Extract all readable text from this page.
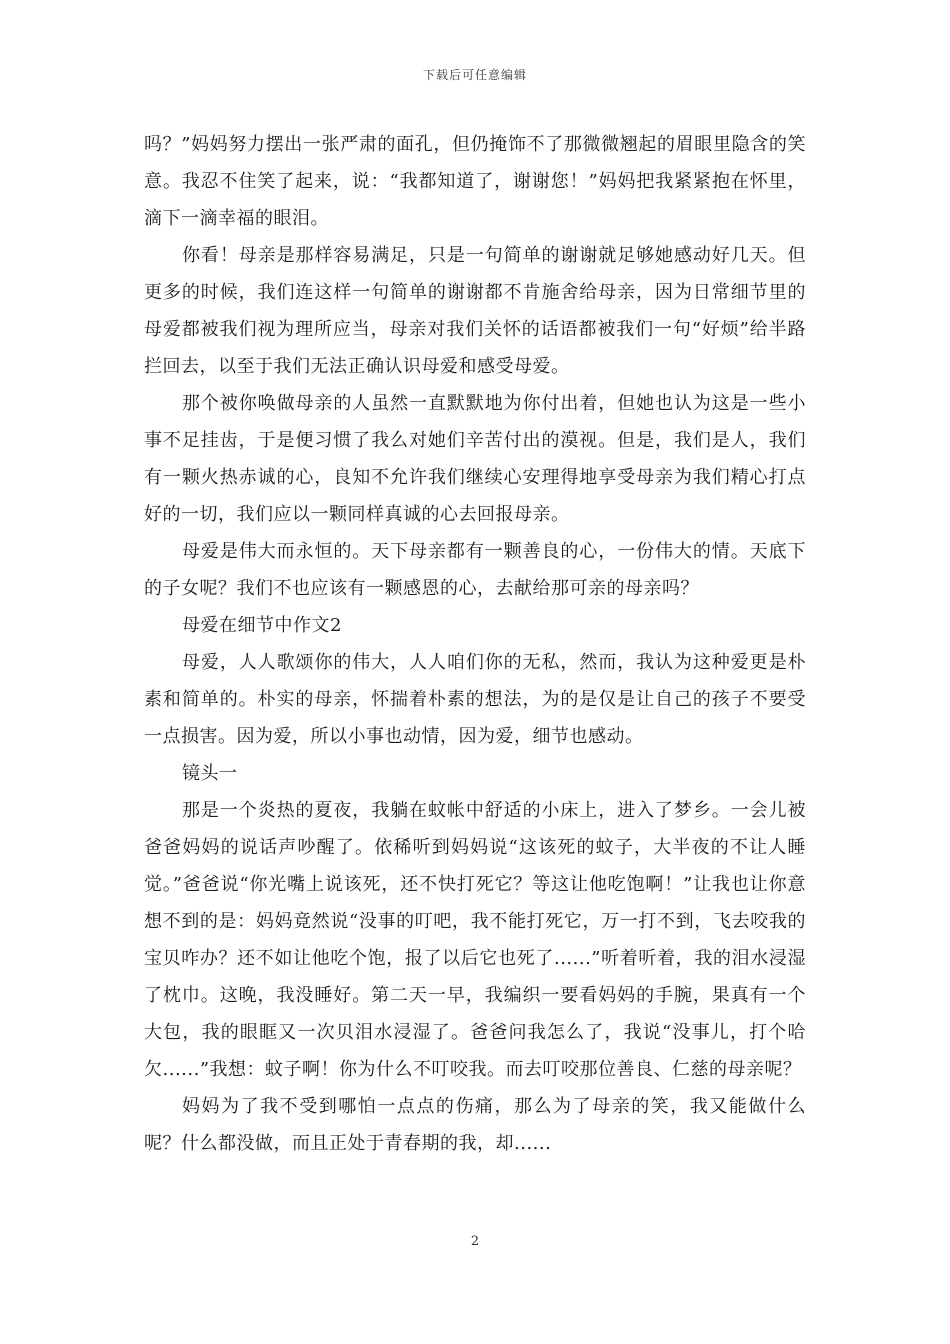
下载后可任意编辑

吗？”妈妈努力摆出一张严肃的面孔，但仍掩饰不了那微微翘起的眉眼里隐含的笑意。我忍不住笑了起来，说：“我都知道了，谢谢您！”妈妈把我紧紧抱在怀里，滴下一滴幸福的眼泪。

你看！母亲是那样容易满足，只是一句简单的谢谢就足够她感动好几天。但更多的时候，我们连这样一句简单的谢谢都不肯施舍给母亲，因为日常细节里的母爱都被我们视为理所应当，母亲对我们关怀的话语都被我们一句“好烦”给半路拦回去，以至于我们无法正确认识母爱和感受母爱。

那个被你唤做母亲的人虽然一直默默地为你付出着，但她也认为这是一些小事不足挂齿，于是便习惯了我么对她们辛苦付出的漠视。但是，我们是人，我们有一颗火热赤诚的心，良知不允许我们继续心安理得地享受母亲为我们精心打点好的一切，我们应以一颗同样真诚的心去回报母亲。

母爱是伟大而永恒的。天下母亲都有一颗善良的心，一份伟大的情。天底下的子女呢？我们不也应该有一颗感恩的心，去献给那可亲的母亲吗？

母爱在细节中作文2

母爱，人人歌颂你的伟大，人人咱们你的无私，然而，我认为这种爱更是朴素和简单的。朴实的母亲，怀揣着朴素的想法，为的是仅是让自己的孩子不要受一点损害。因为爱，所以小事也动情，因为爱，细节也感动。

镜头一

那是一个炎热的夏夜，我躺在蚊帐中舒适的小床上，进入了梦乡。一会儿被爸爸妈妈的说话声吵醒了。依稀听到妈妈说“这该死的蚊子，大半夜的不让人睡觉。”爸爸说“你光嘴上说该死，还不快打死它？等这让他吃饱啊！”让我也让你意想不到的是：妈妈竟然说“没事的叮吧，我不能打死它，万一打不到，飞去咬我的宝贝咋办？还不如让他吃个饱，报了以后它也死了......”听着听着，我的泪水浸湿了枕巾。这晚，我没睡好。第二天一早，我编织一要看妈妈的手腕，果真有一个大包，我的眼眶又一次贝泪水浸湿了。爸爸问我怎么了，我说“没事儿，打个哈欠......”我想：蚊子啊！你为什么不叮咬我。而去叮咬那位善良、仁慈的母亲呢？

妈妈为了我不受到哪怕一点点的伤痛，那么为了母亲的笑，我又能做什么呢？什么都没做，而且正处于青春期的我，却......

2
